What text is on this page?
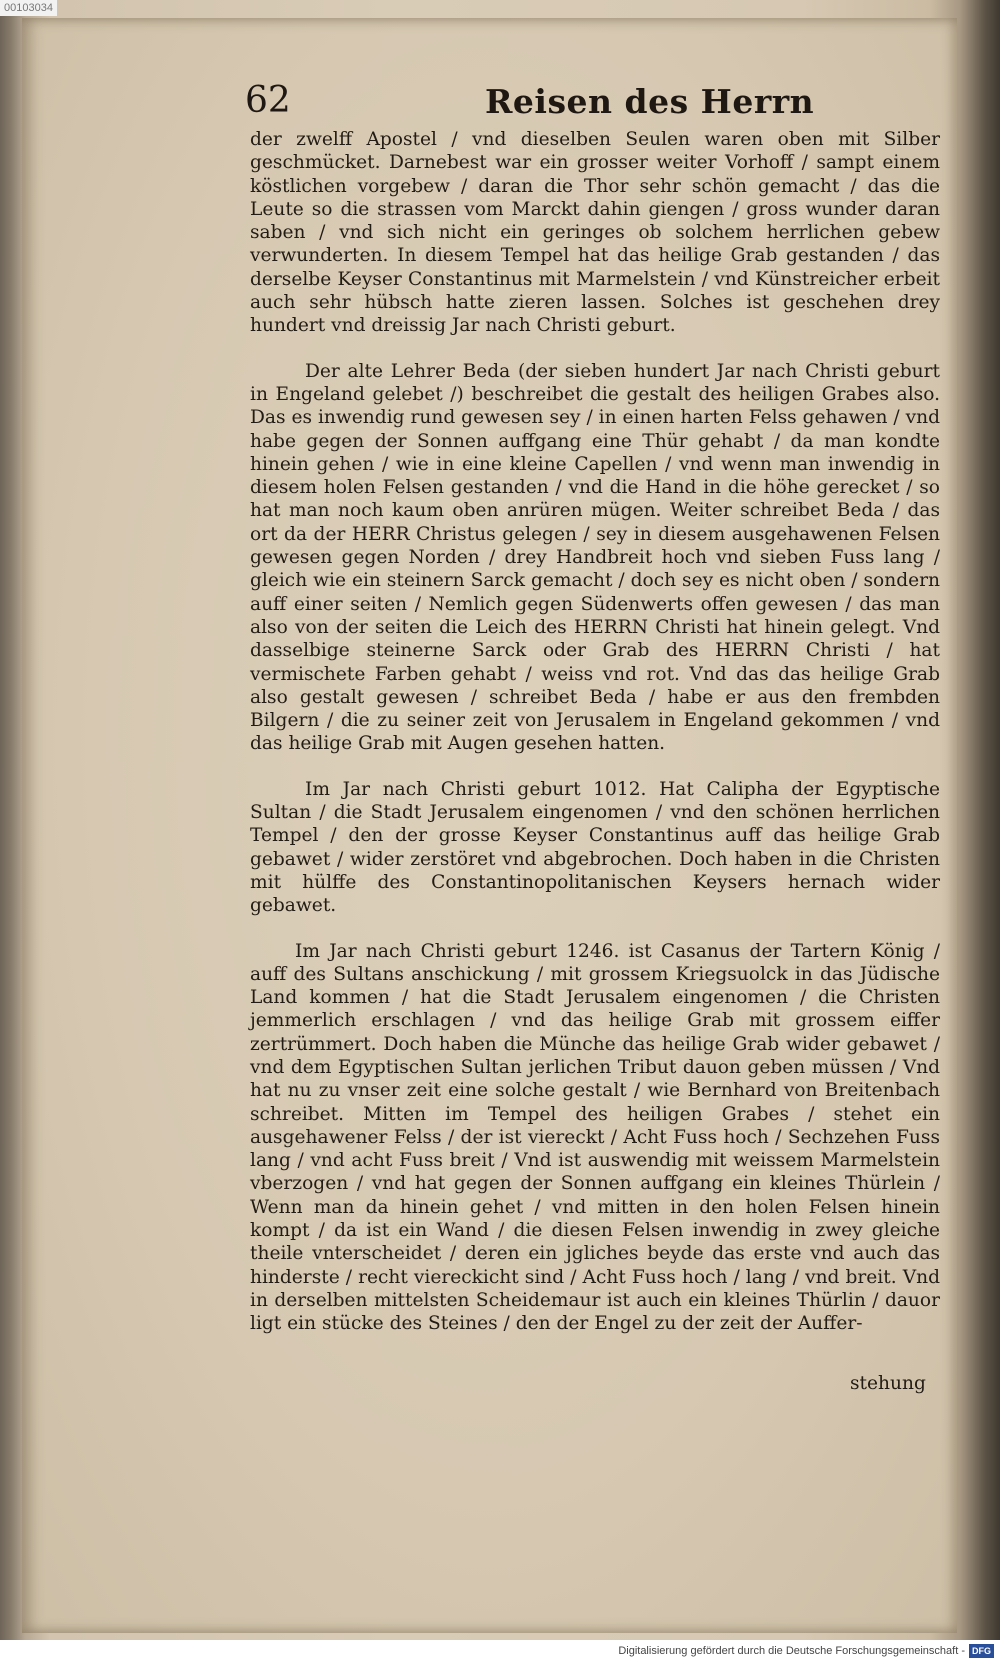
00103034
62	Reisen des Herrn

der zwelff Apostel / vnd dieselben Seulen waren oben mit Silber geschmücket. Darnebest war ein grosser weiter Vorhoff / sampt einem köstlichen vorgebew / daran die Thor sehr schön gemacht / das die Leute so die strassen vom Marckt dahin giengen / gross wunder daran saben / vnd sich nicht ein geringes ob solchem herrlichen gebew verwunderten. In diesem Tempel hat das heilige Grab gestanden / das derselbe Keyser Constantinus mit Marmelstein / vnd Künstreicher erbeit auch sehr hübsch hatte zieren lassen. Solches ist geschehen drey hundert vnd dreissig Jar nach Christi geburt.

Der alte Lehrer Beda (der sieben hundert Jar nach Christi geburt in Engeland gelebet /) beschreibet die gestalt des heiligen Grabes also. Das es inwendig rund gewesen sey / in einen harten Felss gehawen / vnd habe gegen der Sonnen auffgang eine Thür gehabt / da man kondte hinein gehen / wie in eine kleine Capellen / vnd wenn man inwendig in diesem holen Felsen gestanden / vnd die Hand in die höhe gerecket / so hat man noch kaum oben anrüren mügen. Weiter schreibet Beda / das ort da der HERR Christus gelegen / sey in diesem ausgehawenen Felsen gewesen gegen Norden / drey Handbreit hoch vnd sieben Fuss lang / gleich wie ein steinern Sarck gemacht / doch sey es nicht oben / sondern auff einer seiten / Nemlich gegen Südenwerts offen gewesen / das man also von der seiten die Leich des HERRN Christi hat hinein gelegt. Vnd dasselbige steinerne Sarck oder Grab des HERRN Christi / hat vermischete Farben gehabt / weiss vnd rot. Vnd das das heilige Grab also gestalt gewesen / schreibet Beda / habe er aus den frembden Bilgern / die zu seiner zeit von Jerusalem in Engeland gekommen / vnd das heilige Grab mit Augen gesehen hatten.

Im Jar nach Christi geburt 1012. Hat Calipha der Egyptische Sultan / die Stadt Jerusalem eingenomen / vnd den schönen herrlichen Tempel / den der grosse Keyser Constantinus auff das heilige Grab gebawet / wider zerstöret vnd abgebrochen. Doch haben in die Christen mit hülffe des Constantinopolitanischen Keysers hernach wider gebawet.

Im Jar nach Christi geburt 1246. ist Casanus der Tartern König / auff des Sultans anschickung / mit grossem Kriegsuolck in das Jüdische Land kommen / hat die Stadt Jerusalem eingenomen / die Christen jemmerlich erschlagen / vnd das heilige Grab mit grossem eiffer zertrümmert. Doch haben die Münche das heilige Grab wider gebawet / vnd dem Egyptischen Sultan jerlichen Tribut dauon geben müssen / Vnd hat nu zu vnser zeit eine solche gestalt / wie Bernhard von Breitenbach schreibet. Mitten im Tempel des heiligen Grabes / stehet ein ausgehawener Felss / der ist viereckt / Acht Fuss hoch / Sechzehen Fuss lang / vnd acht Fuss breit / Vnd ist auswendig mit weissem Marmelstein vberzogen / vnd hat gegen der Sonnen auffgang ein kleines Thürlein / Wenn man da hinein gehet / vnd mitten in den holen Felsen hinein kompt / da ist ein Wand / die diesen Felsen inwendig in zwey gleiche theile vnterscheidet / deren ein jgliches beyde das erste vnd auch das hinderste / recht viereckicht sind / Acht Fuss hoch / lang / vnd breit. Vnd in derselben mittelsten Scheidemaur ist auch ein kleines Thürlin / dauor ligt ein stücke des Steines / den der Engel zu der zeit der Auffer-

stehung
Digitalisierung gefördert durch die Deutsche Forschungsgemeinschaft - DFG
